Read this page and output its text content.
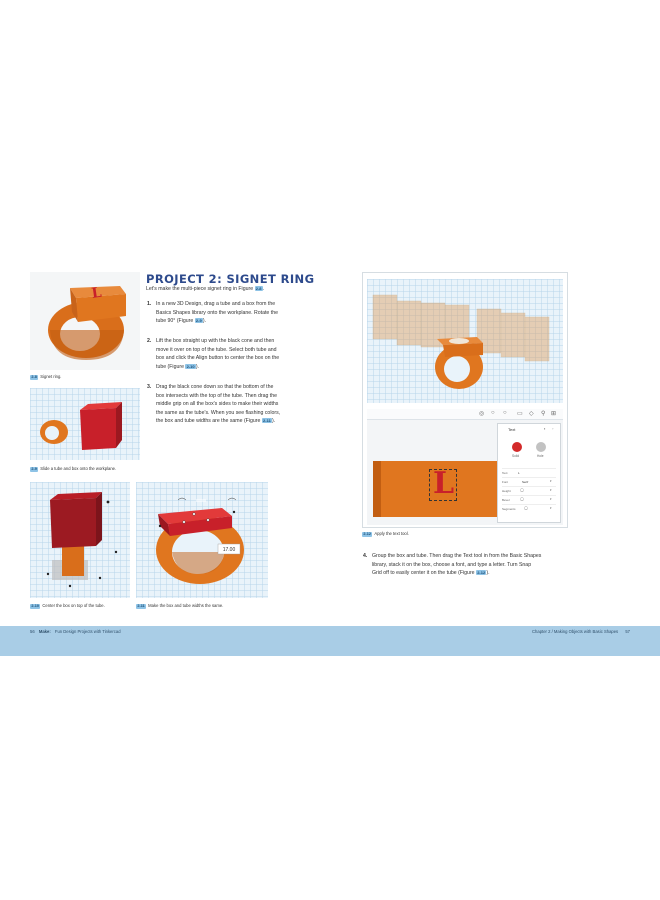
L
2-8 Signet ring.
2-9 Slide a tube and box onto the workplane.
2-10 Center the box on top of the tube.
17.00
2-11 Make the box and tube widths the same.
PROJECT 2: SIGNET RING
Let's make the multi-piece signet ring in Figure 2-8.
1. In a new 3D Design, drag a tube and a box from the
Basics Shapes library onto the workplane. Rotate the
tube 90° (Figure 2-9).
2. Lift the box straight up with the black cone and then
move it over on top of the tube. Select both tube and
box and click the Align button to center the box on the
tube (Figure 2-10).
3. Drag the black cone down so that the bottom of the
box intersects with the top of the tube. Then drag the
middle grip on all the box's sides to make their widths
the same as the tube's. When you see flashing colors,
the box and tube widths are the same (Figure 2-11).
◎ ○ ○ ▭ ◇ ⚲ ⊞
L
Text	▪ ◦
Solid	Hole
Text	L
Font	Serif	▾
Height	◯	▾
Bevel	◯	▾
Segments ◯	▾
2-12 Apply the text tool.
4. Group the box and tube. Then drag the Text tool in from the Basic Shapes
library, stack it on the box, choose a font, and type a letter. Turn Snap
Grid off to easily center it on the tube (Figure 2-12).
56 Make: Fun Design Projects with Tinkercad	Chapter 2 / Making Objects with Basic Shapes 57
